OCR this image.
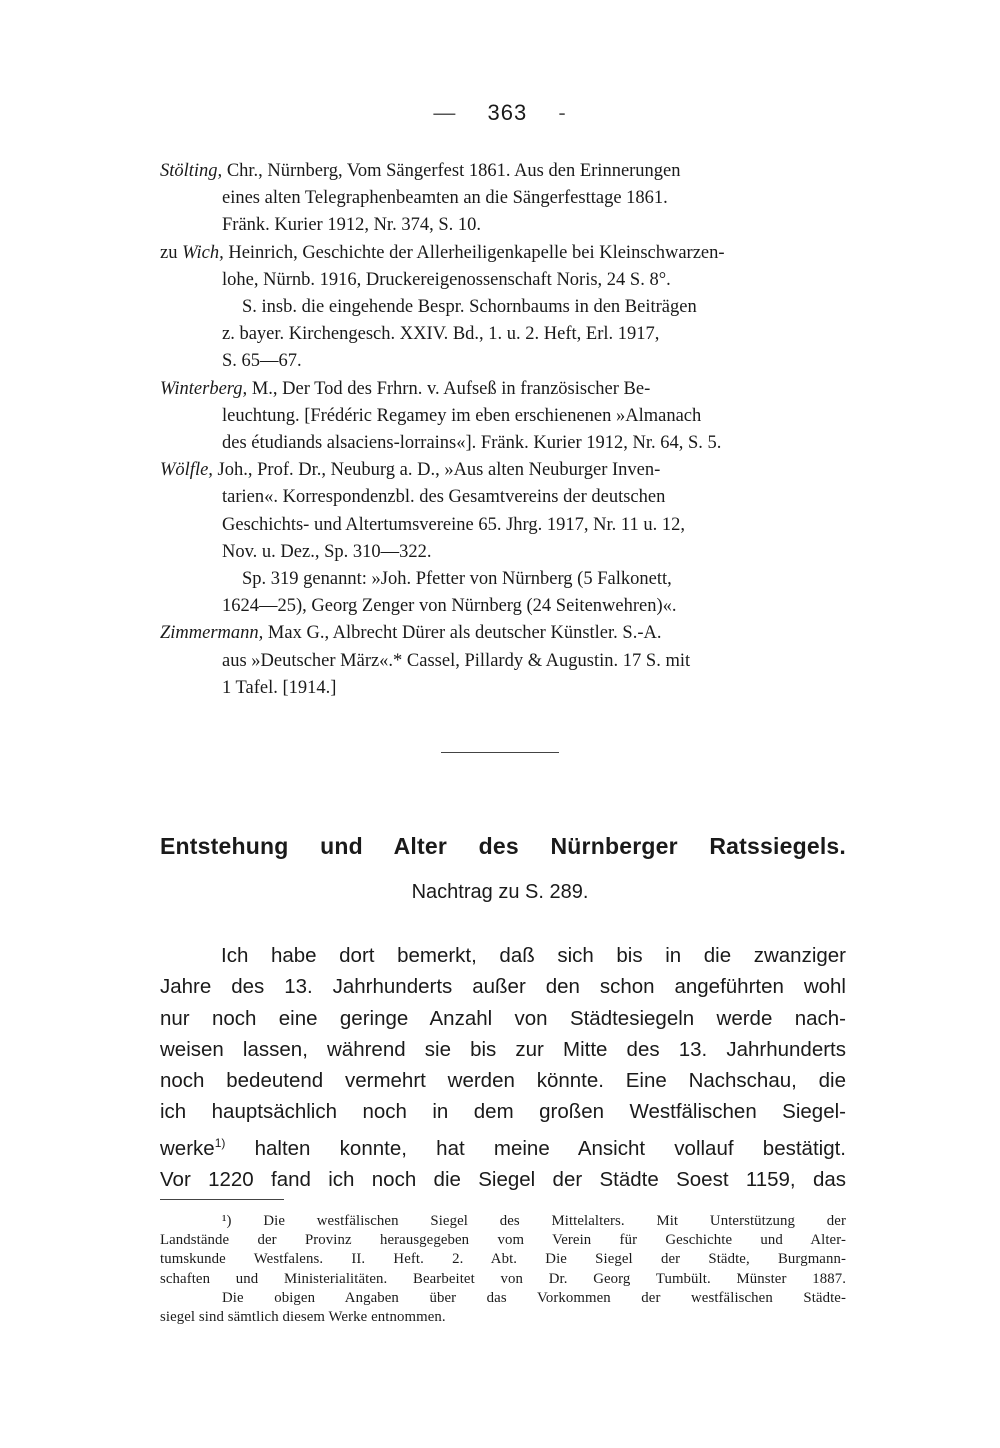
— 363 -
Stölting, Chr., Nürnberg, Vom Sängerfest 1861. Aus den Erinnerungen
eines alten Telegraphenbeamten an die Sängerfesttage 1861.
Fränk. Kurier 1912, Nr. 374, S. 10.
zu Wich, Heinrich, Geschichte der Allerheiligenkapelle bei Kleinschwarzen-
lohe, Nürnb. 1916, Druckereigenossenschaft Noris, 24 S. 8°.
S. insb. die eingehende Bespr. Schornbaums in den Beiträgen
z. bayer. Kirchengesch. XXIV. Bd., 1. u. 2. Heft, Erl. 1917,
S. 65—67.
Winterberg, M., Der Tod des Frhrn. v. Aufseß in französischer Be-
leuchtung. [Frédéric Regamey im eben erschienenen »Almanach
des étudiands alsaciens-lorrains«]. Fränk. Kurier 1912, Nr. 64, S. 5.
Wölfle, Joh., Prof. Dr., Neuburg a. D., »Aus alten Neuburger Inven-
tarien«. Korrespondenzbl. des Gesamtvereins der deutschen
Geschichts- und Altertumsvereine 65. Jhrg. 1917, Nr. 11 u. 12,
Nov. u. Dez., Sp. 310—322.
Sp. 319 genannt: »Joh. Pfetter von Nürnberg (5 Falkonett,
1624—25), Georg Zenger von Nürnberg (24 Seitenwehren)«.
Zimmermann, Max G., Albrecht Dürer als deutscher Künstler. S.-A.
aus »Deutscher März«.* Cassel, Pillardy & Augustin. 17 S. mit
1 Tafel. [1914.]
Entstehung und Alter des Nürnberger Ratssiegels.
Nachtrag zu S. 289.
Ich habe dort bemerkt, daß sich bis in die zwanziger
Jahre des 13. Jahrhunderts außer den schon angeführten wohl
nur noch eine geringe Anzahl von Städtesiegeln werde nach-
weisen lassen, während sie bis zur Mitte des 13. Jahrhunderts
noch bedeutend vermehrt werden könnte. Eine Nachschau, die
ich hauptsächlich noch in dem großen Westfälischen Siegel-
werke$^{1)}$ halten konnte, hat meine Ansicht vollauf bestätigt.
Vor 1220 fand ich noch die Siegel der Städte Soest 1159, das
¹) Die westfälischen Siegel des Mittelalters. Mit Unterstützung der
Landstände der Provinz herausgegeben vom Verein für Geschichte und Alter-
tumskunde Westfalens. II. Heft. 2. Abt. Die Siegel der Städte, Burgmann-
schaften und Ministerialitäten. Bearbeitet von Dr. Georg Tumbült. Münster 1887.
Die obigen Angaben über das Vorkommen der westfälischen Städte-
siegel sind sämtlich diesem Werke entnommen.
